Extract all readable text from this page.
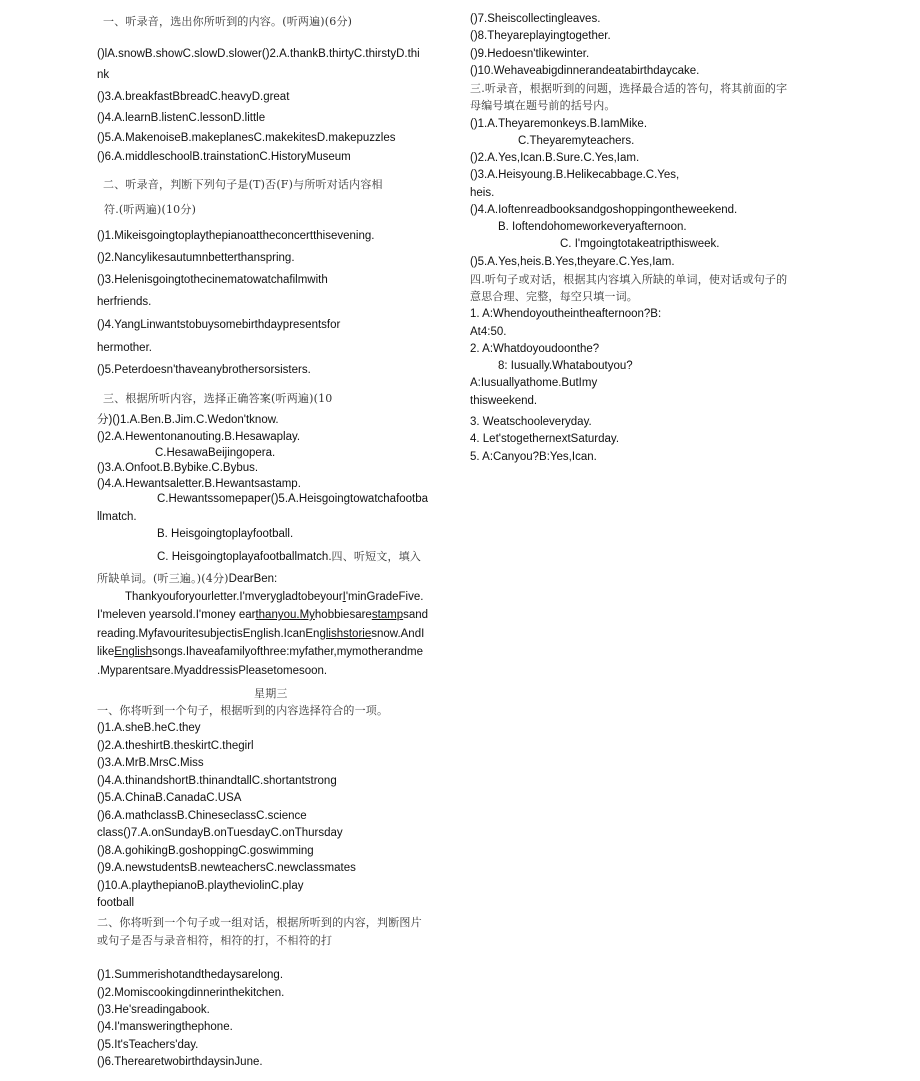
一、听录音，选出你所听到的内容。(听两遍)(6分)
()lA.snowB.showC.slowD.slower()2.A.thankB.thirtyC.thirstyD.thi
nk
()3.A.breakfastBbreadC.heavyD.great
()4.A.learnB.listenC.lessonD.little
()5.A.MakenoiseB.makeplanesC.makekitesD.makepuzzles
()6.A.middleschoolB.trainstationC.HistoryMuseum
二、听录音，判断下列句子是(T)否(F)与所听对话内容相
符.(听两遍)(10分)
()1.Mikeisgoingtoplaythepianoattheconcertthisevening.
()2.Nancylikesautumnbetterthanspring.
()3.Helenisgoingtothecinematowatchafilmwith
herfriends.
()4.YangLinwantstobuysomebirthdaypresentsfor
hermother.
()5.Peterdoesn'thaveanybrothersorsisters.
三、根据所听内容，选择正确答案(听两遍)(10
分)()1.A.Ben.B.Jim.C.Wedon'tknow.
()2.A.Hewentonanouting.B.Hesawaplay.
C.HesawaBeijingopera.
()3.A.Onfoot.B.Bybike.C.Bybus.
()4.A.Hewantsaletter.B.Hewantsastamp.
C.Hewantssomepaper()5.A.Heisgoingtowatchafootba
llmatch.
B. Heisgoingtoplayfootball.
C. Heisgoingtoplayafootballmatch.四、听短文，填入
所缺单词。(听三遍。)(4分)DearBen:
Thankyouforyourletter.I'mverygladtobeyourI'minGradeFive.
I'meleven yearsold.I'money earthanyou.Myhobbiesarestampsand
reading.MyfavouritesubjectisEnglish.IcanEnglishstoriesnow.AndI
likeEnglishsongs.Ihaveafamilyofthree:myfather,mymotherandme
.Myparentsare.MyaddressisPleasetomesoon.
星期三
一、你将听到一个句子，根据听到的内容选择符合的一项。
()1.A.sheB.heC.they
()2.A.theshirtB.theskirtC.thegirl
()3.A.MrB.MrsC.Miss
()4.A.thinandshortB.thinandtallC.shortantstrong
()5.A.ChinaB.CanadaC.USA
()6.A.mathclassB.ChineseclassC.science
class()7.A.onSundayB.onTuesdayC.onThursday
()8.A.gohikingB.goshoppingC.goswimming
()9.A.newstudentsB.newteachersC.newclassmates
()10.A.playthepianoB.playtheviolinC.play
football
二、你将听到一个句子或一组对话，根据所听到的内容，判断图片
或句子是否与录音相符，相符的打，不相符的打
()1.Summerishotandthedaysarelong.
()2.Momiscookingdinnerinthekitchen.
()3.He'sreadingabook.
()4.I'mansweringthephone.
()5.It'sTeachers'day.
()6.TherearetwobirthdaysinJune.
()7.Sheiscollectingleaves.
()8.Theyareplayingtogether.
()9.Hedoesn'tlikewinter.
()10.Wehaveabigdinnerandeatabirthdaycake.
三.听录音，根据听到的问题，选择最合适的答句，将其前面的字
母编号填在题号前的括号内。
()1.A.Theyaremonkeys.B.IamMike.
C.Theyaremyteachers.
()2.A.Yes,Ican.B.Sure.C.Yes,Iam.
()3.A.Heisyoung.B.Helikecabbage.C.Yes,
heis.
()4.A.Ioftenreadbooksandgoshoppingontheweekend.
B. Ioftendohomeworkeveryafternoon.
C. I'mgoingtotakeatripthisweek.
()5.A.Yes,heis.B.Yes,theyare.C.Yes,Iam.
四.听句子或对话，根据其内容填入所缺的单词，使对话或句子的
意思合理、完整，每空只填一词。
1. A:Whendoyoutheintheafternoon?B:
At4:50.
2. A:Whatdoyoudoonthe?
8: Iusually.Whataboutyou?
A:Iusuallyathome.ButImy
thisweekend.
3. Weatschooleveryday.
4. Let'stogethernextSaturday.
5. A:Canyou?B:Yes,Ican.
